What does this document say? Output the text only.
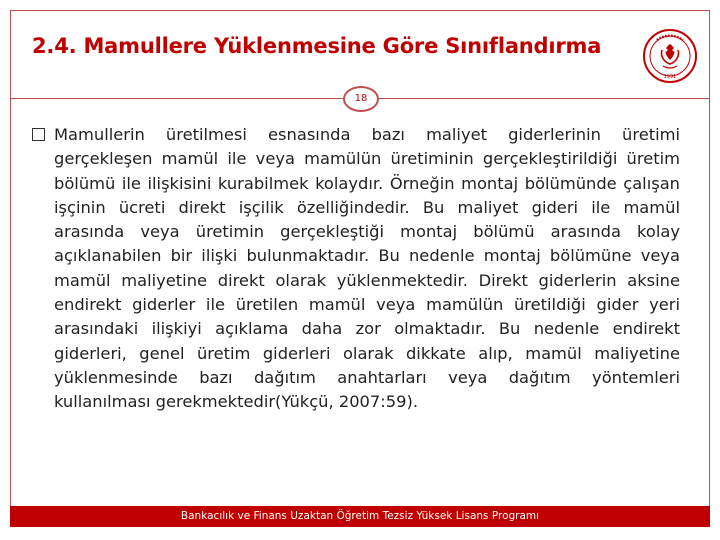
2.4. Mamullere Yüklenmesine Göre Sınıflandırma
1991
18

Mamullerin üretilmesi esnasında bazı maliyet giderlerinin üretimi gerçekleşen mamül ile veya mamülün üretiminin gerçekleştirildiği üretim bölümü ile ilişkisini kurabilmek kolaydır. Örneğin montaj bölümünde çalışan işçinin ücreti direkt işçilik özelliğindedir. Bu maliyet gideri ile mamül arasında veya üretimin gerçekleştiği montaj bölümü arasında kolay açıklanabilen bir ilişki bulunmaktadır. Bu nedenle montaj bölümüne veya mamül maliyetine direkt olarak yüklenmektedir. Direkt giderlerin aksine endirekt giderler ile üretilen mamül veya mamülün üretildiği gider yeri arasındaki ilişkiyi açıklama daha zor olmaktadır. Bu nedenle endirekt giderleri, genel üretim giderleri olarak dikkate alıp, mamül maliyetine yüklenmesinde bazı dağıtım anahtarları veya dağıtım yöntemleri kullanılması gerekmektedir(Yükçü, 2007:59).

Bankacılık ve Finans Uzaktan Öğretim Tezsiz Yüksek Lisans Programı
